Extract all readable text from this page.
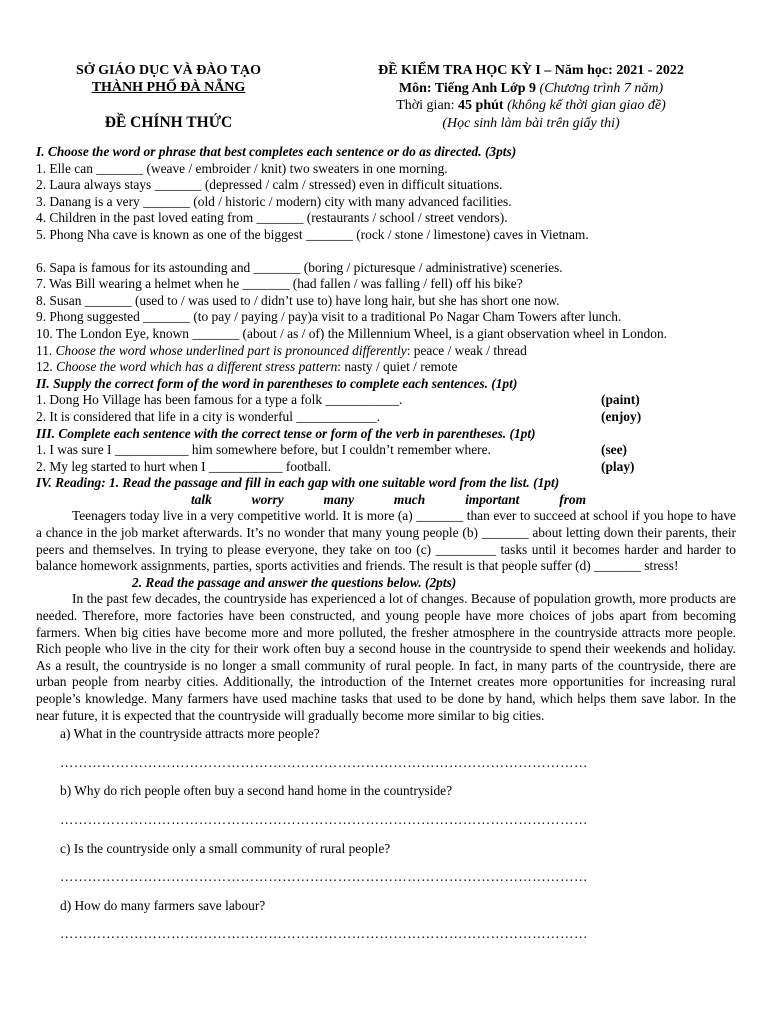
SỞ GIÁO DỤC VÀ ĐÀO TẠO
THÀNH PHỐ ĐÀ NẴNG
ĐỀ CHÍNH THỨC
ĐỀ KIỂM TRA HỌC KỲ I – Năm học: 2021 - 2022
Môn: Tiếng Anh Lớp 9 (Chương trình 7 năm)
Thời gian: 45 phút (không kể thời gian giao đề)
(Học sinh làm bài trên giấy thi)
I. Choose the word or phrase that best completes each sentence or do as directed. (3pts)
1. Elle can _______ (weave / embroider / knit) two sweaters in one morning.
2. Laura always stays _______ (depressed / calm / stressed) even in difficult situations.
3. Danang is a very _______ (old / historic / modern) city with many advanced facilities.
4. Children in the past loved eating from _______ (restaurants / school / street vendors).
5. Phong Nha cave is known as one of the biggest _______ (rock / stone / limestone) caves in Vietnam.
6. Sapa is famous for its astounding and _______ (boring / picturesque / administrative) sceneries.
7. Was Bill wearing a helmet when he _______ (had fallen / was falling / fell) off his bike?
8. Susan _______ (used to / was used to / didn’t use to) have long hair, but she has short one now.
9. Phong suggested _______ (to pay / paying / pay)a visit to a traditional Po Nagar Cham Towers after lunch.
10. The London Eye, known _______ (about / as / of) the Millennium Wheel, is a giant observation wheel in London.
11. Choose the word whose underlined part is pronounced differently: peace / weak / thread
12. Choose the word which has a different stress pattern: nasty / quiet / remote
II. Supply the correct form of the word in parentheses to complete each sentences. (1pt)
1. Dong Ho Village has been famous for a type a folk ___________.	(paint)
2. It is considered that life in a city is wonderful ____________.	(enjoy)
III. Complete each sentence with the correct tense or form of the verb in parentheses. (1pt)
1. I was sure I ___________ him somewhere before, but I couldn’t remember where.	(see)
2. My leg started to hurt when I ___________ football.	(play)
IV. Reading: 1. Read the passage and fill in each gap with one suitable word from the list. (1pt)
talk	worry	many	much	important	from
Teenagers today live in a very competitive world. It is more (a) _______ than ever to succeed at school if you hope to have a chance in the job market afterwards. It’s no wonder that many young people (b) _______ about letting down their parents, their peers and themselves. In trying to please everyone, they take on too (c) _________ tasks until it becomes harder and harder to balance homework assignments, parties, sports activities and friends. The result is that people suffer (d) _______ stress!
2. Read the passage and answer the questions below. (2pts)
In the past few decades, the countryside has experienced a lot of changes. Because of population growth, more products are needed. Therefore, more factories have been constructed, and young people have more choices of jobs apart from becoming farmers. When big cities have become more and more polluted, the fresher atmosphere in the countryside attracts more people. Rich people who live in the city for their work often buy a second house in the countryside to spend their weekends and holiday. As a result, the countryside is no longer a small community of rural people. In fact, in many parts of the countryside, there are urban people from nearby cities. Additionally, the introduction of the Internet creates more opportunities for increasing rural people’s knowledge. Many farmers have used machine tasks that used to be done by hand, which helps them save labor. In the near future, it is expected that the countryside will gradually become more similar to big cities.
a) What in the countryside attracts more people?
……………………………………………………………………………………………………
b) Why do rich people often buy a second hand home in the countryside?
……………………………………………………………………………………………………
c) Is the countryside only a small community of rural people?
……………………………………………………………………………………………………
d) How do many farmers save labour?
……………………………………………………………………………………………………
